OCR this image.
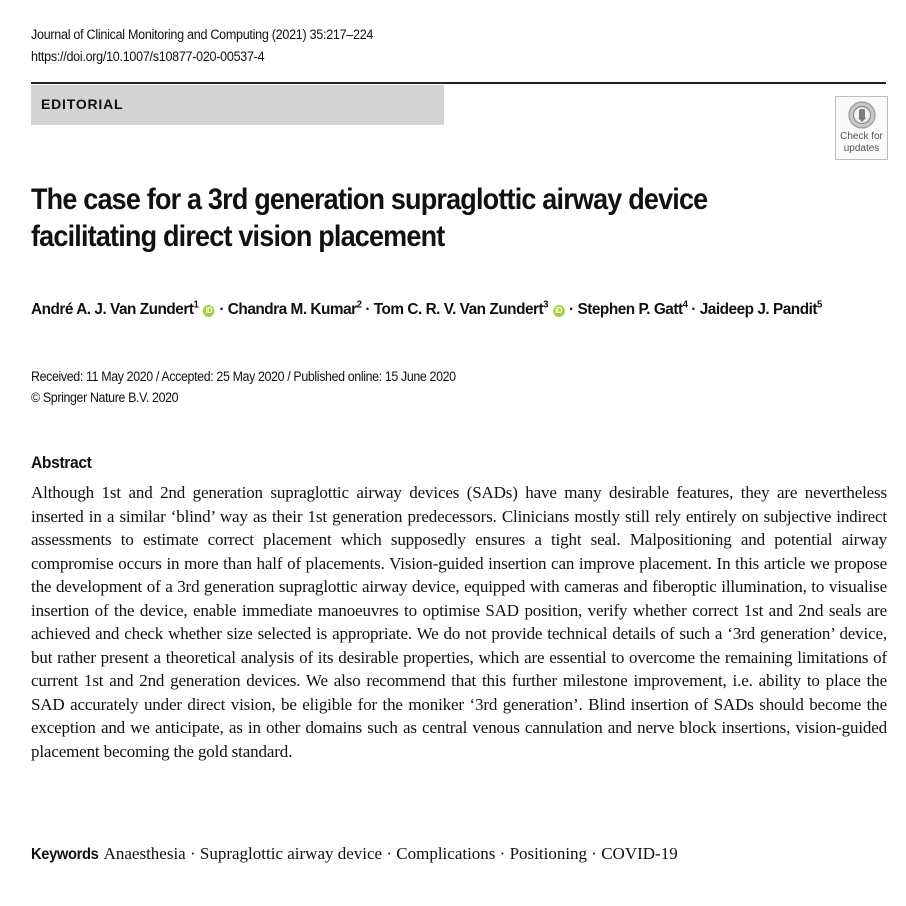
Journal of Clinical Monitoring and Computing (2021) 35:217–224
https://doi.org/10.1007/s10877-020-00537-4
EDITORIAL
Check for
updates
The case for a 3rd generation supraglottic airway device facilitating direct vision placement
André A. J. Van Zundert$^1$ iD · Chandra M. Kumar$^2$ · Tom C. R. V. Van Zundert$^3$ iD · Stephen P. Gatt$^4$ · Jaideep J. Pandit$^5$
Received: 11 May 2020 / Accepted: 25 May 2020 / Published online: 15 June 2020
© Springer Nature B.V. 2020
Abstract

Although 1st and 2nd generation supraglottic airway devices (SADs) have many desirable features, they are nevertheless inserted in a similar ‘blind’ way as their 1st generation predecessors. Clinicians mostly still rely entirely on subjective indirect assessments to estimate correct placement which supposedly ensures a tight seal. Malpositioning and potential airway compromise occurs in more than half of placements. Vision-guided insertion can improve placement. In this article we propose the development of a 3rd generation supraglottic airway device, equipped with cameras and fiberoptic illumination, to visualise insertion of the device, enable immediate manoeuvres to optimise SAD position, verify whether correct 1st and 2nd seals are achieved and check whether size selected is appropriate. We do not provide technical details of such a ‘3rd generation’ device, but rather present a theoretical analysis of its desirable properties, which are essential to overcome the remaining limitations of current 1st and 2nd generation devices. We also recommend that this further milestone improvement, i.e. ability to place the SAD accurately under direct vision, be eligible for the moniker ‘3rd generation’. Blind insertion of SADs should become the exception and we anticipate, as in other domains such as central venous cannulation and nerve block insertions, vision-guided placement becoming the gold standard.

Keywords Anaesthesia · Supraglottic airway device · Complications · Positioning · COVID-19
